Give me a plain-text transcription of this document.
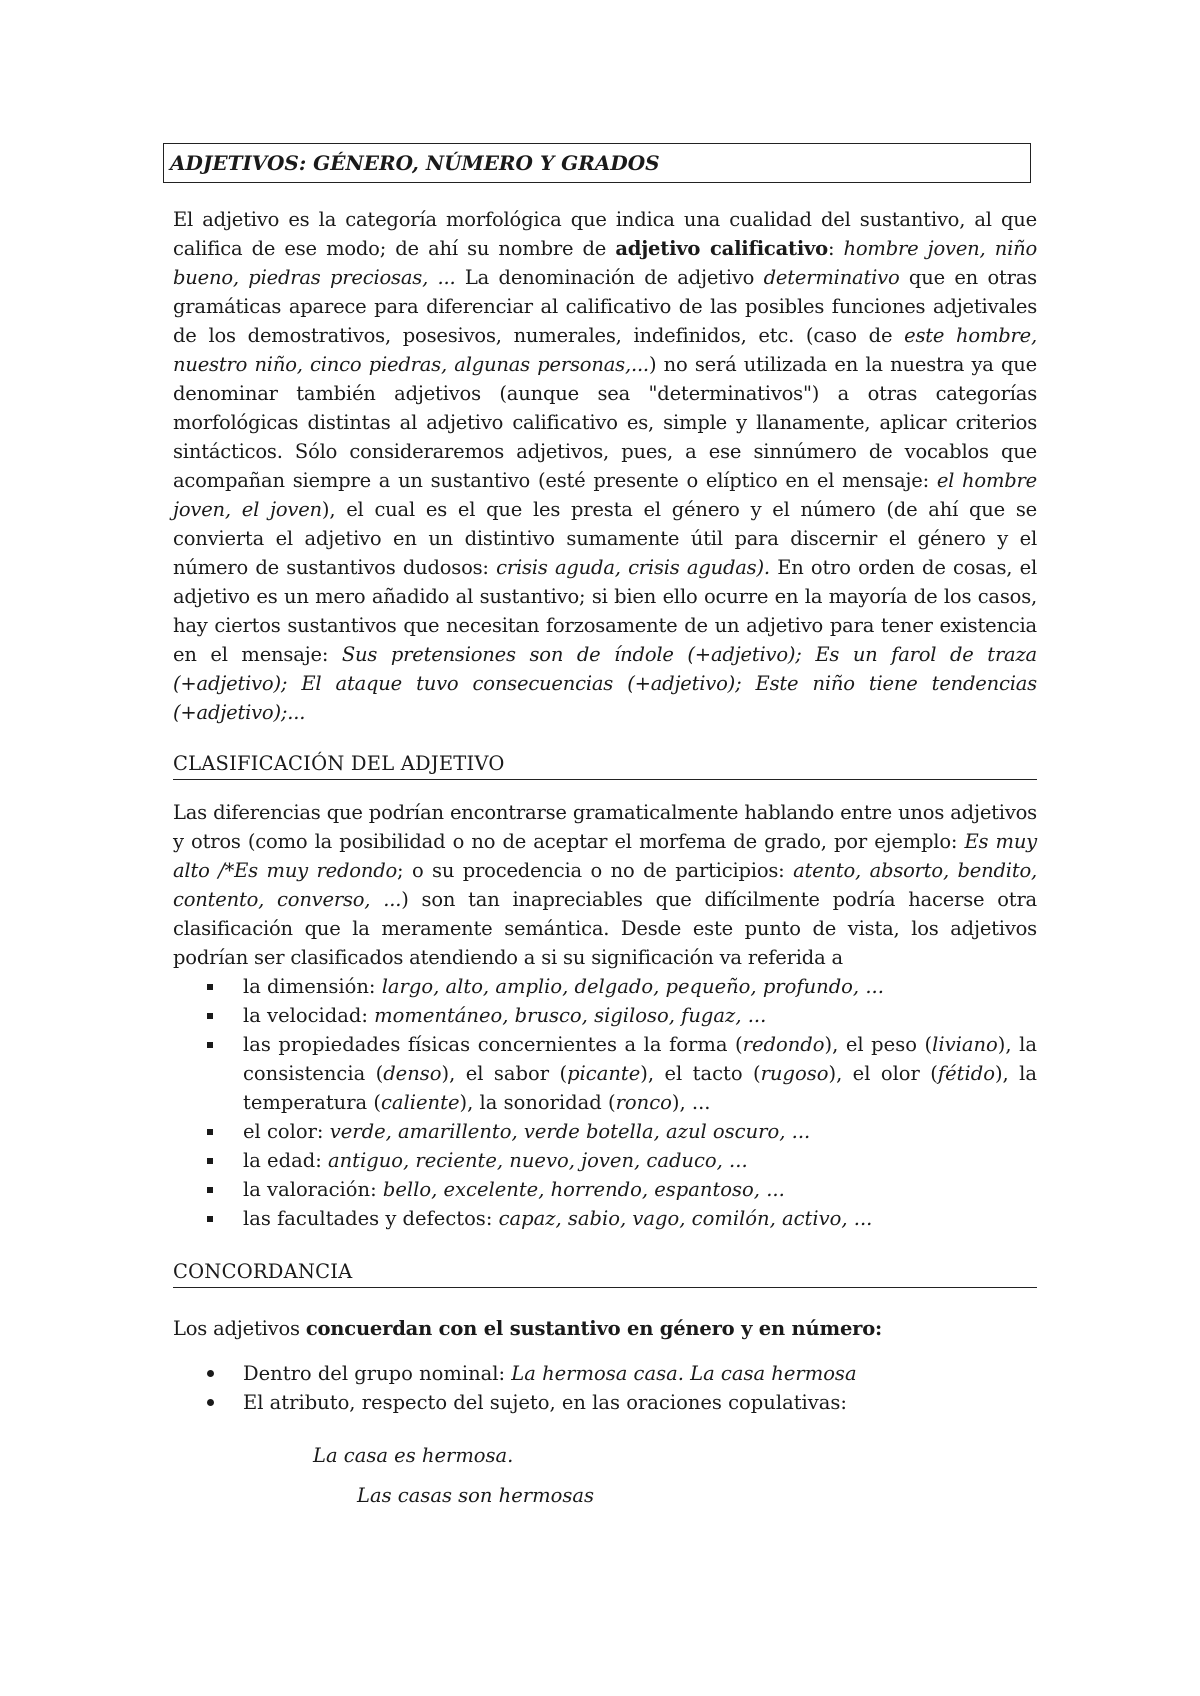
ADJETIVOS: GÉNERO, NÚMERO Y GRADOS

El adjetivo es la categoría morfológica que indica una cualidad del sustantivo, al que califica de ese modo; de ahí su nombre de adjetivo calificativo: hombre joven, niño bueno, piedras preciosas, ... La denominación de adjetivo determinativo que en otras gramáticas aparece para diferenciar al calificativo de las posibles funciones adjetivales de los demostrativos, posesivos, numerales, indefinidos, etc. (caso de este hombre, nuestro niño, cinco piedras, algunas personas,...) no será utilizada en la nuestra ya que denominar también adjetivos (aunque sea "determinativos") a otras categorías morfológicas distintas al adjetivo calificativo es, simple y llanamente, aplicar criterios sintácticos. Sólo consideraremos adjetivos, pues, a ese sinnúmero de vocablos que acompañan siempre a un sustantivo (esté presente o elíptico en el mensaje: el hombre joven, el joven), el cual es el que les presta el género y el número (de ahí que se convierta el adjetivo en un distintivo sumamente útil para discernir el género y el número de sustantivos dudosos: crisis aguda, crisis agudas). En otro orden de cosas, el adjetivo es un mero añadido al sustantivo; si bien ello ocurre en la mayoría de los casos, hay ciertos sustantivos que necesitan forzosamente de un adjetivo para tener existencia en el mensaje: Sus pretensiones son de índole (+adjetivo); Es un farol de traza (+adjetivo); El ataque tuvo consecuencias (+adjetivo); Este niño tiene tendencias (+adjetivo);...

CLASIFICACIÓN DEL ADJETIVO

Las diferencias que podrían encontrarse gramaticalmente hablando entre unos adjetivos y otros (como la posibilidad o no de aceptar el morfema de grado, por ejemplo: Es muy alto /*Es muy redondo; o su procedencia o no de participios: atento, absorto, bendito, contento, converso, ...) son tan inapreciables que difícilmente podría hacerse otra clasificación que la meramente semántica. Desde este punto de vista, los adjetivos podrían ser clasificados atendiendo a si su significación va referida a

la dimensión: largo, alto, amplio, delgado, pequeño, profundo, ...
la velocidad: momentáneo, brusco, sigiloso, fugaz, ...
las propiedades físicas concernientes a la forma (redondo), el peso (liviano), la consistencia (denso), el sabor (picante), el tacto (rugoso), el olor (fétido), la temperatura (caliente), la sonoridad (ronco), ...
el color: verde, amarillento, verde botella, azul oscuro, ...
la edad: antiguo, reciente, nuevo, joven, caduco, ...
la valoración: bello, excelente, horrendo, espantoso, ...
las facultades y defectos: capaz, sabio, vago, comilón, activo, ...
CONCORDANCIA

Los adjetivos concuerdan con el sustantivo en género y en número:

Dentro del grupo nominal: La hermosa casa. La casa hermosa
El atributo, respecto del sujeto, en las oraciones copulativas:
La casa es hermosa.
Las casas son hermosas
